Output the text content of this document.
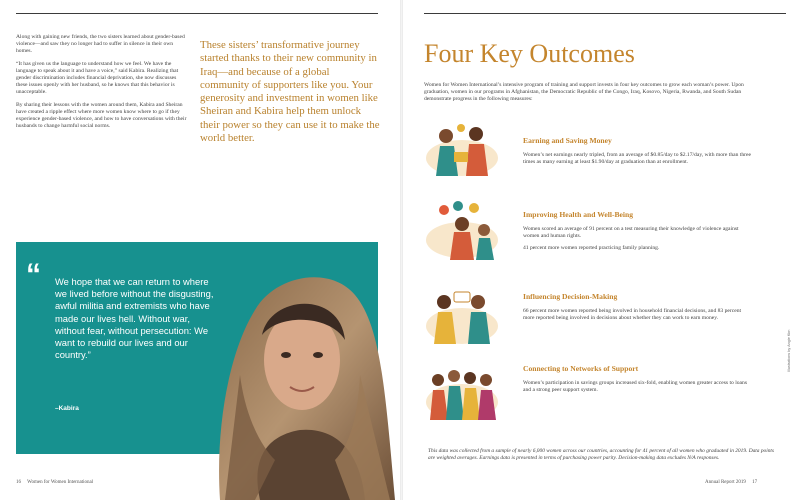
Along with gaining new friends, the two sisters learned about gender-based violence—and saw they no longer had to suffer in silence in their own homes.

“It has given us the language to understand how we feel. We have the language to speak about it and have a voice,” said Kabira. Realizing that gender discrimination includes financial deprivation, she now discusses these issues openly with her husband, so he knows that this behavior is unacceptable.

By sharing their lessons with the women around them, Kabira and Sheiran have created a ripple effect where more women know where to go if they experience gender-based violence, and how to have conversations with their husbands to change harmful social norms.

These sisters’ transformative journey started thanks to their new community in Iraq—and because of a global community of supporters like you. Your generosity and investment in women like Sheiran and Kabira help them unlock their power so they can use it to make the world better.
“ We hope that we can return to where we lived before without the disgusting, awful militia and extremists who have made our lives hell. Without war, without fear, without persecution: We want to rebuild our lives and our country.”
–Kabira
16 Women for Women International
Four Key Outcomes
Women for Women International’s intensive program of training and support invests in four key outcomes to grow each woman’s power. Upon graduation, women in our programs in Afghanistan, the Democratic Republic of the Congo, Iraq, Kosovo, Nigeria, Rwanda, and South Sudan demonstrate progress in the following measures:
Earning and Saving Money

Women’s net earnings nearly tripled, from an average of $0.85/day to $2.17/day, with more than three times as many earning at least $1.90/day at graduation than at enrollment.

Improving Health and Well-Being

Women scored an average of 91 percent on a test measuring their knowledge of violence against women and human rights.

41 percent more women reported practicing family planning.

Influencing Decision-Making

66 percent more women reported being involved in household financial decisions, and 83 percent more reported being involved in decisions about whether they can work to earn money.

Connecting to Networks of Support

Women’s participation in savings groups increased six-fold, enabling women greater access to loans and a strong peer support system.

This data was collected from a sample of nearly 6,000 women across our countries, accounting for 41 percent of all women who graduated in 2019. Data points are weighted averages. Earnings data is presented in terms of purchasing power parity. Decision-making data excludes N/A responses.
Illustrations by Angie Kim
Annual Report 2019 17
